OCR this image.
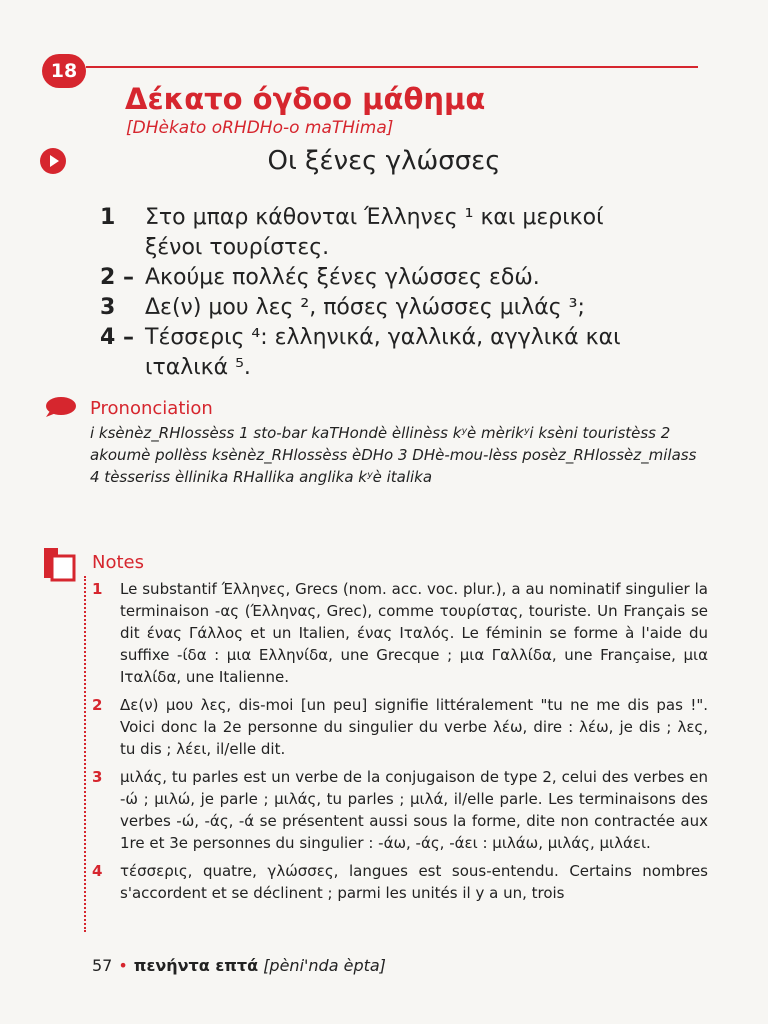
18
Δέκατο όγδοο μάθημα
[DHèkato oRHDHo-o maTHima]
Οι ξένες γλώσσες
1	Στο μπαρ κάθονται Έλληνες ¹ και μερικοί
ξένοι τουρίστες.
2 – Ακούμε πολλές ξένες γλώσσες εδώ.
3	Δε(ν) μου λες ², πόσες γλώσσες μιλάς ³;
4 – Τέσσερις ⁴: ελληνικά, γαλλικά, αγγλικά και
ιταλικά ⁵.
Prononciation
i ksènèz_RHlossèss 1 sto-bar kaTHondè èllinèss kʸè mèrikʸi ksèni touristèss 2 akoumè pollèss ksènèz_RHlossèss èDHo 3 DHè-mou-lèss posèz_RHlossèz_milass 4 tèsseriss èllinika RHallika anglika kʸè italika
Notes
1	Le substantif Έλληνες, Grecs (nom. acc. voc. plur.), a au nominatif singulier la terminaison -ας (Έλληνας, Grec), comme τουρίστας, touriste. Un Français se dit ένας Γάλλος et un Italien, ένας Ιταλός. Le féminin se forme à l'aide du suffixe -ίδα : μια Ελληνίδα, une Grecque ; μια Γαλλίδα, une Française, μια Ιταλίδα, une Italienne.
2	Δε(ν) μου λες, dis-moi [un peu] signifie littéralement "tu ne me dis pas !". Voici donc la 2e personne du singulier du verbe λέω, dire : λέω, je dis ; λες, tu dis ; λέει, il/elle dit.
3	μιλάς, tu parles est un verbe de la conjugaison de type 2, celui des verbes en -ώ ; μιλώ, je parle ; μιλάς, tu parles ; μιλά, il/elle parle. Les terminaisons des verbes -ώ, -άς, -ά se présentent aussi sous la forme, dite non contractée aux 1re et 3e personnes du singulier : -άω, -άς, -άει : μιλάω, μιλάς, μιλάει.
4	τέσσερις, quatre, γλώσσες, langues est sous-entendu. Certains nombres s'accordent et se déclinent ; parmi les unités il y a un, trois
57 • πενήντα επτά [pèni'nda èpta]
